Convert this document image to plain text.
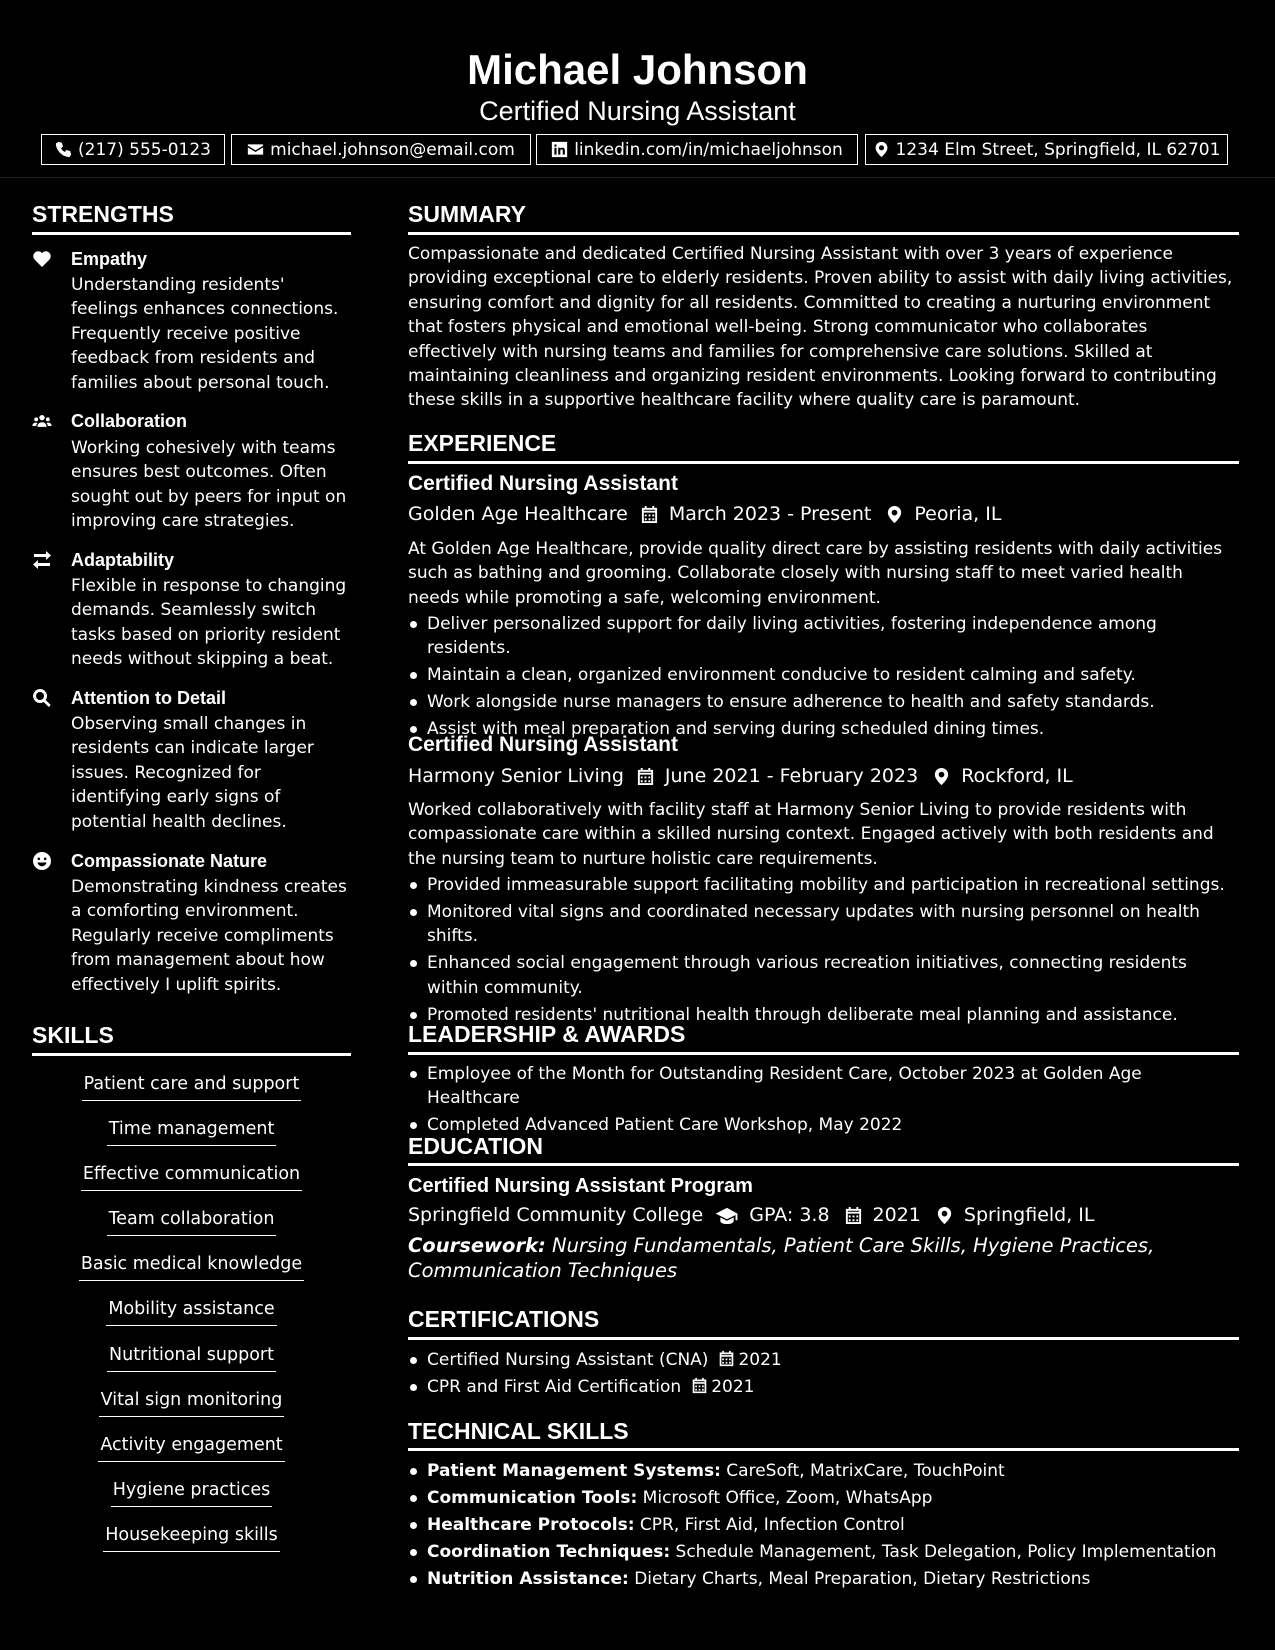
Michael Johnson
Certified Nursing Assistant
(217) 555-0123	michael.johnson@email.com	linkedin.com/in/michaeljohnson	1234 Elm Street, Springfield, IL 62701
STRENGTHS
Empathy
Understanding residents' feelings enhances connections. Frequently receive positive feedback from residents and families about personal touch.
Collaboration
Working cohesively with teams ensures best outcomes. Often sought out by peers for input on improving care strategies.
Adaptability
Flexible in response to changing demands. Seamlessly switch tasks based on priority resident needs without skipping a beat.
Attention to Detail
Observing small changes in residents can indicate larger issues. Recognized for identifying early signs of potential health declines.
Compassionate Nature
Demonstrating kindness creates a comforting environment. Regularly receive compliments from management about how effectively I uplift spirits.
SKILLS
Patient care and support
Time management
Effective communication
Team collaboration
Basic medical knowledge
Mobility assistance
Nutritional support
Vital sign monitoring
Activity engagement
Hygiene practices
Housekeeping skills
SUMMARY
Compassionate and dedicated Certified Nursing Assistant with over 3 years of experience providing exceptional care to elderly residents. Proven ability to assist with daily living activities, ensuring comfort and dignity for all residents. Committed to creating a nurturing environment that fosters physical and emotional well-being. Strong communicator who collaborates effectively with nursing teams and families for comprehensive care solutions. Skilled at maintaining cleanliness and organizing resident environments. Looking forward to contributing these skills in a supportive healthcare facility where quality care is paramount.
EXPERIENCE
Certified Nursing Assistant
Golden Age Healthcare March 2023 - Present Peoria, IL
At Golden Age Healthcare, provide quality direct care by assisting residents with daily activities such as bathing and grooming. Collaborate closely with nursing staff to meet varied health needs while promoting a safe, welcoming environment.
Deliver personalized support for daily living activities, fostering independence among residents.
Maintain a clean, organized environment conducive to resident calming and safety.
Work alongside nurse managers to ensure adherence to health and safety standards.
Assist with meal preparation and serving during scheduled dining times.
Certified Nursing Assistant
Harmony Senior Living June 2021 - February 2023 Rockford, IL
Worked collaboratively with facility staff at Harmony Senior Living to provide residents with compassionate care within a skilled nursing context. Engaged actively with both residents and the nursing team to nurture holistic care requirements.
Provided immeasurable support facilitating mobility and participation in recreational settings.
Monitored vital signs and coordinated necessary updates with nursing personnel on health shifts.
Enhanced social engagement through various recreation initiatives, connecting residents within community.
Promoted residents' nutritional health through deliberate meal planning and assistance.
LEADERSHIP & AWARDS
Employee of the Month for Outstanding Resident Care, October 2023 at Golden Age Healthcare
Completed Advanced Patient Care Workshop, May 2022
EDUCATION
Certified Nursing Assistant Program
Springfield Community College GPA: 3.8 2021 Springfield, IL
Coursework: Nursing Fundamentals, Patient Care Skills, Hygiene Practices, Communication Techniques
CERTIFICATIONS
Certified Nursing Assistant (CNA) 2021
CPR and First Aid Certification 2021
TECHNICAL SKILLS
Patient Management Systems: CareSoft, MatrixCare, TouchPoint
Communication Tools: Microsoft Office, Zoom, WhatsApp
Healthcare Protocols: CPR, First Aid, Infection Control
Coordination Techniques: Schedule Management, Task Delegation, Policy Implementation
Nutrition Assistance: Dietary Charts, Meal Preparation, Dietary Restrictions
